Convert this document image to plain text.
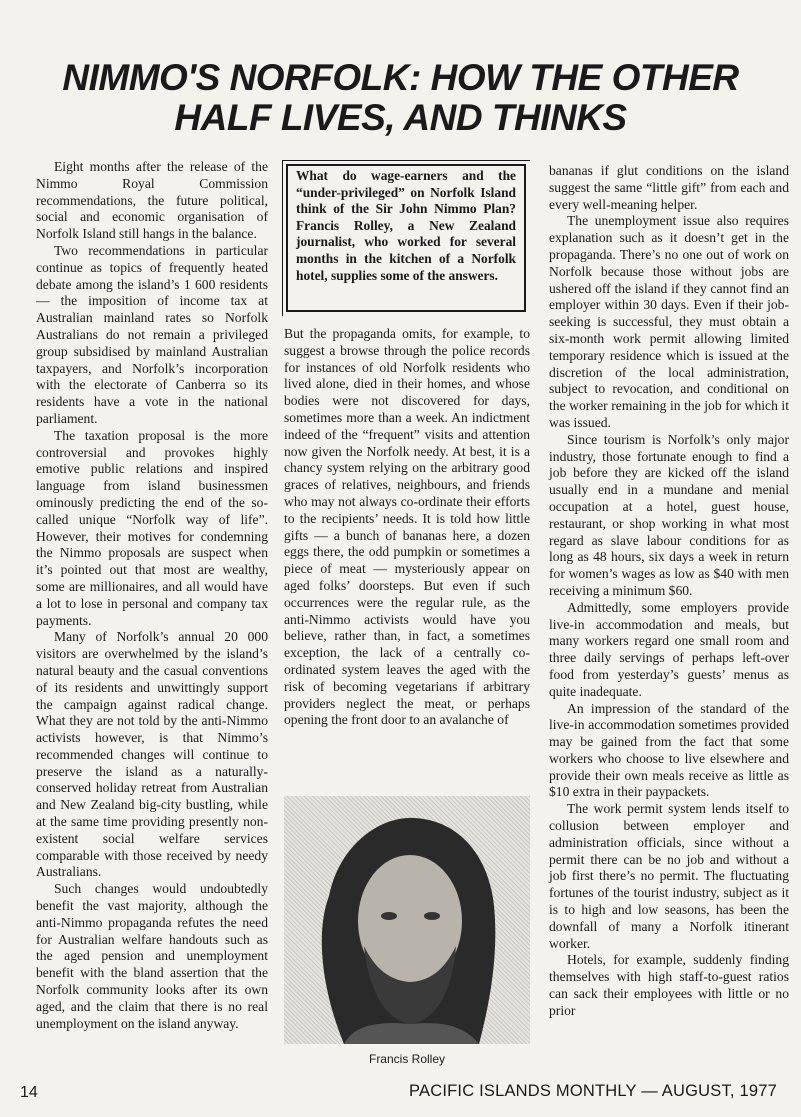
NIMMO'S NORFOLK: HOW THE OTHER
HALF LIVES, AND THINKS

Eight months after the release of the Nimmo Royal Commission recommendations, the future political, social and economic organisation of Norfolk Island still hangs in the balance.

Two recommendations in particular continue as topics of frequently heated debate among the island’s 1 600 residents — the imposition of income tax at Australian mainland rates so Norfolk Australians do not remain a privileged group subsidised by mainland Australian taxpayers, and Norfolk’s incorporation with the electorate of Canberra so its residents have a vote in the national parliament.

The taxation proposal is the more controversial and provokes highly emotive public relations and inspired language from island businessmen ominously predicting the end of the so-called unique “Norfolk way of life”. However, their motives for condemning the Nimmo proposals are suspect when it’s pointed out that most are wealthy, some are millionaires, and all would have a lot to lose in personal and company tax payments.

Many of Norfolk’s annual 20 000 visitors are overwhelmed by the island’s natural beauty and the casual conventions of its residents and unwittingly support the campaign against radical change. What they are not told by the anti-Nimmo activists however, is that Nimmo’s recommended changes will continue to preserve the island as a naturally-conserved holiday retreat from Australian and New Zealand big-city bustling, while at the same time providing presently non-existent social welfare services comparable with those received by needy Australians.

Such changes would undoubtedly benefit the vast majority, although the anti-Nimmo propaganda refutes the need for Australian welfare handouts such as the aged pension and unemployment benefit with the bland assertion that the Norfolk community looks after its own aged, and the claim that there is no real unemployment on the island anyway.

What do wage-earners and the “under-privileged” on Norfolk Island think of the Sir John Nimmo Plan? Francis Rolley, a New Zealand journalist, who worked for several months in the kitchen of a Norfolk hotel, supplies some of the answers.

But the propaganda omits, for example, to suggest a browse through the police records for instances of old Norfolk residents who lived alone, died in their homes, and whose bodies were not discovered for days, sometimes more than a week. An indictment indeed of the “frequent” visits and attention now given the Norfolk needy. At best, it is a chancy system relying on the arbitrary good graces of relatives, neighbours, and friends who may not always co-ordinate their efforts to the recipients’ needs. It is told how little gifts — a bunch of bananas here, a dozen eggs there, the odd pumpkin or sometimes a piece of meat — mysteriously appear on aged folks’ doorsteps. But even if such occurrences were the regular rule, as the anti-Nimmo activists would have you believe, rather than, in fact, a sometimes exception, the lack of a centrally co-ordinated system leaves the aged with the risk of becoming vegetarians if arbitrary providers neglect the meat, or perhaps opening the front door to an avalanche of

Francis Rolley

bananas if glut conditions on the island suggest the same “little gift” from each and every well-meaning helper.

The unemployment issue also requires explanation such as it doesn’t get in the propaganda. There’s no one out of work on Norfolk because those without jobs are ushered off the island if they cannot find an employer within 30 days. Even if their job-seeking is successful, they must obtain a six-month work permit allowing limited temporary residence which is issued at the discretion of the local administration, subject to revocation, and conditional on the worker remaining in the job for which it was issued.

Since tourism is Norfolk’s only major industry, those fortunate enough to find a job before they are kicked off the island usually end in a mundane and menial occupation at a hotel, guest house, restaurant, or shop working in what most regard as slave labour conditions for as long as 48 hours, six days a week in return for women’s wages as low as $40 with men receiving a minimum $60.

Admittedly, some employers provide live-in accommodation and meals, but many workers regard one small room and three daily servings of perhaps left-over food from yesterday’s guests’ menus as quite inadequate.

An impression of the standard of the live-in accommodation sometimes provided may be gained from the fact that some workers who choose to live elsewhere and provide their own meals receive as little as $10 extra in their paypackets.

The work permit system lends itself to collusion between employer and administration officials, since without a permit there can be no job and without a job first there’s no permit. The fluctuating fortunes of the tourist industry, subject as it is to high and low seasons, has been the downfall of many a Norfolk itinerant worker.

Hotels, for example, suddenly finding themselves with high staff-to-guest ratios can sack their employees with little or no prior

14	PACIFIC ISLANDS MONTHLY — AUGUST, 1977
